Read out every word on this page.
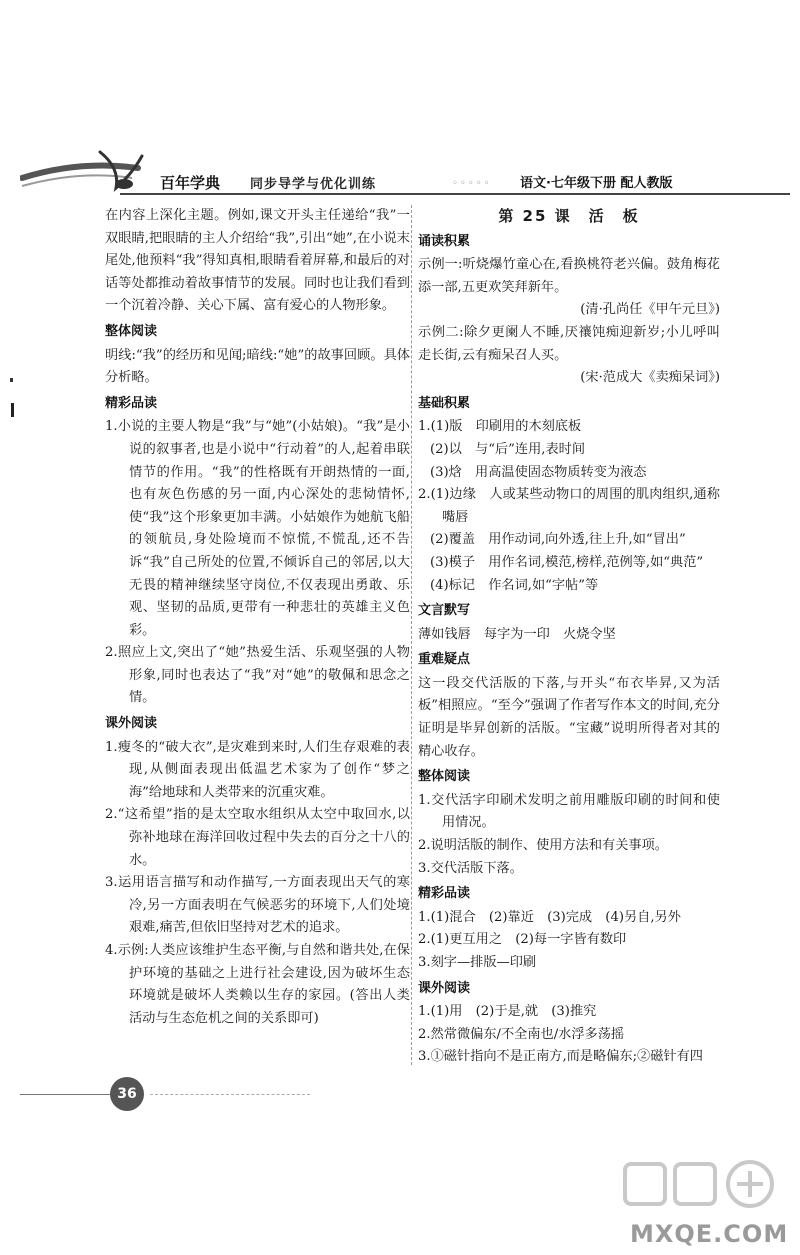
百年学典 同步导学与优化训练	◦◦◦◦◦ 语文·七年级下册 配人教版

在内容上深化主题。例如,课文开头主任递给“我”一双眼睛,把眼睛的主人介绍给“我”,引出“她”,在小说末尾处,他预料“我”得知真相,眼睛看着屏幕,和最后的对话等处都推动着故事情节的发展。同时也让我们看到一个沉着冷静、关心下属、富有爱心的人物形象。

整体阅读

明线:“我”的经历和见闻;暗线:“她”的故事回顾。具体分析略。

精彩品读

1.小说的主要人物是“我”与“她”(小姑娘)。“我”是小说的叙事者,也是小说中“行动着”的人,起着串联情节的作用。“我”的性格既有开朗热情的一面,也有灰色伤感的另一面,内心深处的悲恸情怀,使“我”这个形象更加丰满。小姑娘作为她航飞船的领航员,身处险境而不惊慌,不慌乱,还不告诉“我”自己所处的位置,不倾诉自己的邻居,以大无畏的精神继续坚守岗位,不仅表现出勇敢、乐观、坚韧的品质,更带有一种悲壮的英雄主义色彩。

2.照应上文,突出了“她”热爱生活、乐观坚强的人物形象,同时也表达了“我”对“她”的敬佩和思念之情。

课外阅读

1.瘦冬的“破大衣”,是灾难到来时,人们生存艰难的表现,从侧面表现出低温艺术家为了创作“梦之海”给地球和人类带来的沉重灾难。

2.“这希望”指的是太空取水组织从太空中取回水,以弥补地球在海洋回收过程中失去的百分之十八的水。

3.运用语言描写和动作描写,一方面表现出天气的寒冷,另一方面表明在气候恶劣的环境下,人们处境艰难,痛苦,但依旧坚持对艺术的追求。

4.示例:人类应该维护生态平衡,与自然和谐共处,在保护环境的基础之上进行社会建设,因为破坏生态环境就是破坏人类赖以生存的家园。(答出人类活动与生态危机之间的关系即可)

第 25 课　活　板
诵读积累

示例一:听烧爆竹童心在,看换桃符老兴偏。鼓角梅花添一部,五更欢笑拜新年。

(清·孔尚任《甲午元旦》)

示例二:除夕更阑人不睡,厌禳饨痴迎新岁;小儿呼叫走长街,云有痴呆召人买。

(宋·范成大《卖痴呆词》)

基础积累

1.(1)版　印刷用的木刻底板

(2)以　与“后”连用,表时间

(3)焓　用高温使固态物质转变为液态

2.(1)边缘　人或某些动物口的周围的肌肉组织,通称嘴唇

(2)覆盖　用作动词,向外透,往上升,如“冒出”

(3)模子　用作名词,模范,榜样,范例等,如“典范”

(4)标记　作名词,如“字帖”等

文言默写

薄如钱唇　每字为一印　火烧令坚

重难疑点

这一段交代活版的下落,与开头“布衣毕昇,又为活板”相照应。“至今”强调了作者写作本文的时间,充分证明是毕昇创新的活版。“宝藏”说明所得者对其的精心收存。

整体阅读

1.交代活字印刷术发明之前用雕版印刷的时间和使用情况。

2.说明活版的制作、使用方法和有关事项。

3.交代活版下落。

精彩品读

1.(1)混合　(2)靠近　(3)完成　(4)另自,另外

2.(1)更互用之　(2)每一字皆有数印

3.刻字—排版—印刷

课外阅读

1.(1)用　(2)于是,就　(3)推究

2.然常微偏东/不全南也/水浮多荡摇

3.①磁针指向不是正南方,而是略偏东;②磁针有四

36
MXQE.COM
